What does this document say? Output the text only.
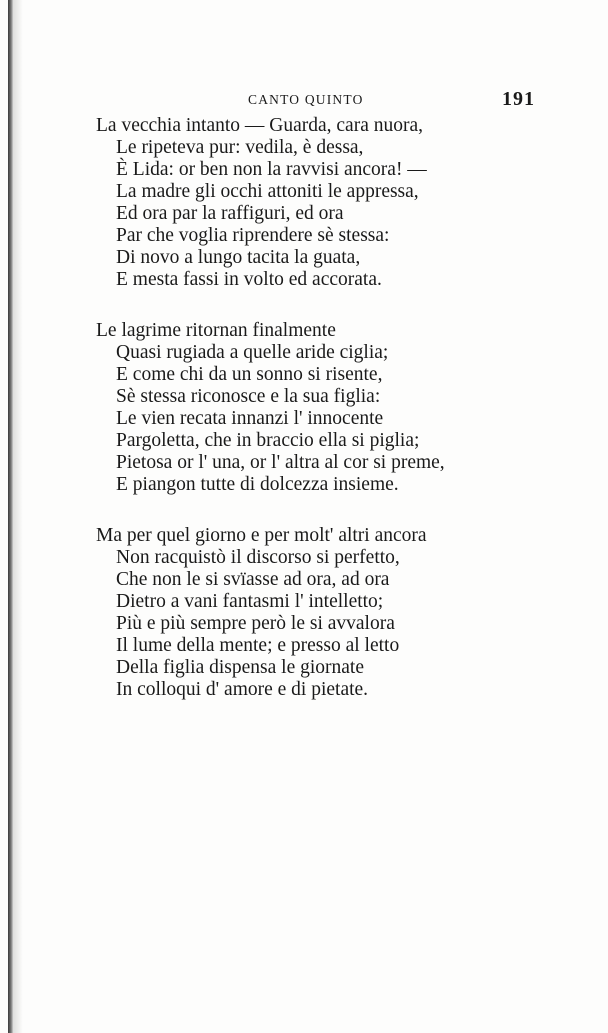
CANTO QUINTO	191
La vecchia intanto — Guarda, cara nuora,
Le ripeteva pur: vedila, è dessa,
È Lida: or ben non la ravvisi ancora! —
La madre gli occhi attoniti le appressa,
Ed ora par la raffiguri, ed ora
Par che voglia riprendere sè stessa:
Di novo a lungo tacita la guata,
E mesta fassi in volto ed accorata.
Le lagrime ritornan finalmente
Quasi rugiada a quelle aride ciglia;
E come chi da un sonno si risente,
Sè stessa riconosce e la sua figlia:
Le vien recata innanzi l' innocente
Pargoletta, che in braccio ella si piglia;
Pietosa or l' una, or l' altra al cor si preme,
E piangon tutte di dolcezza insieme.
Ma per quel giorno e per molt' altri ancora
Non racquistò il discorso si perfetto,
Che non le si svïasse ad ora, ad ora
Dietro a vani fantasmi l' intelletto;
Più e più sempre però le si avvalora
Il lume della mente; e presso al letto
Della figlia dispensa le giornate
In colloqui d' amore e di pietate.
